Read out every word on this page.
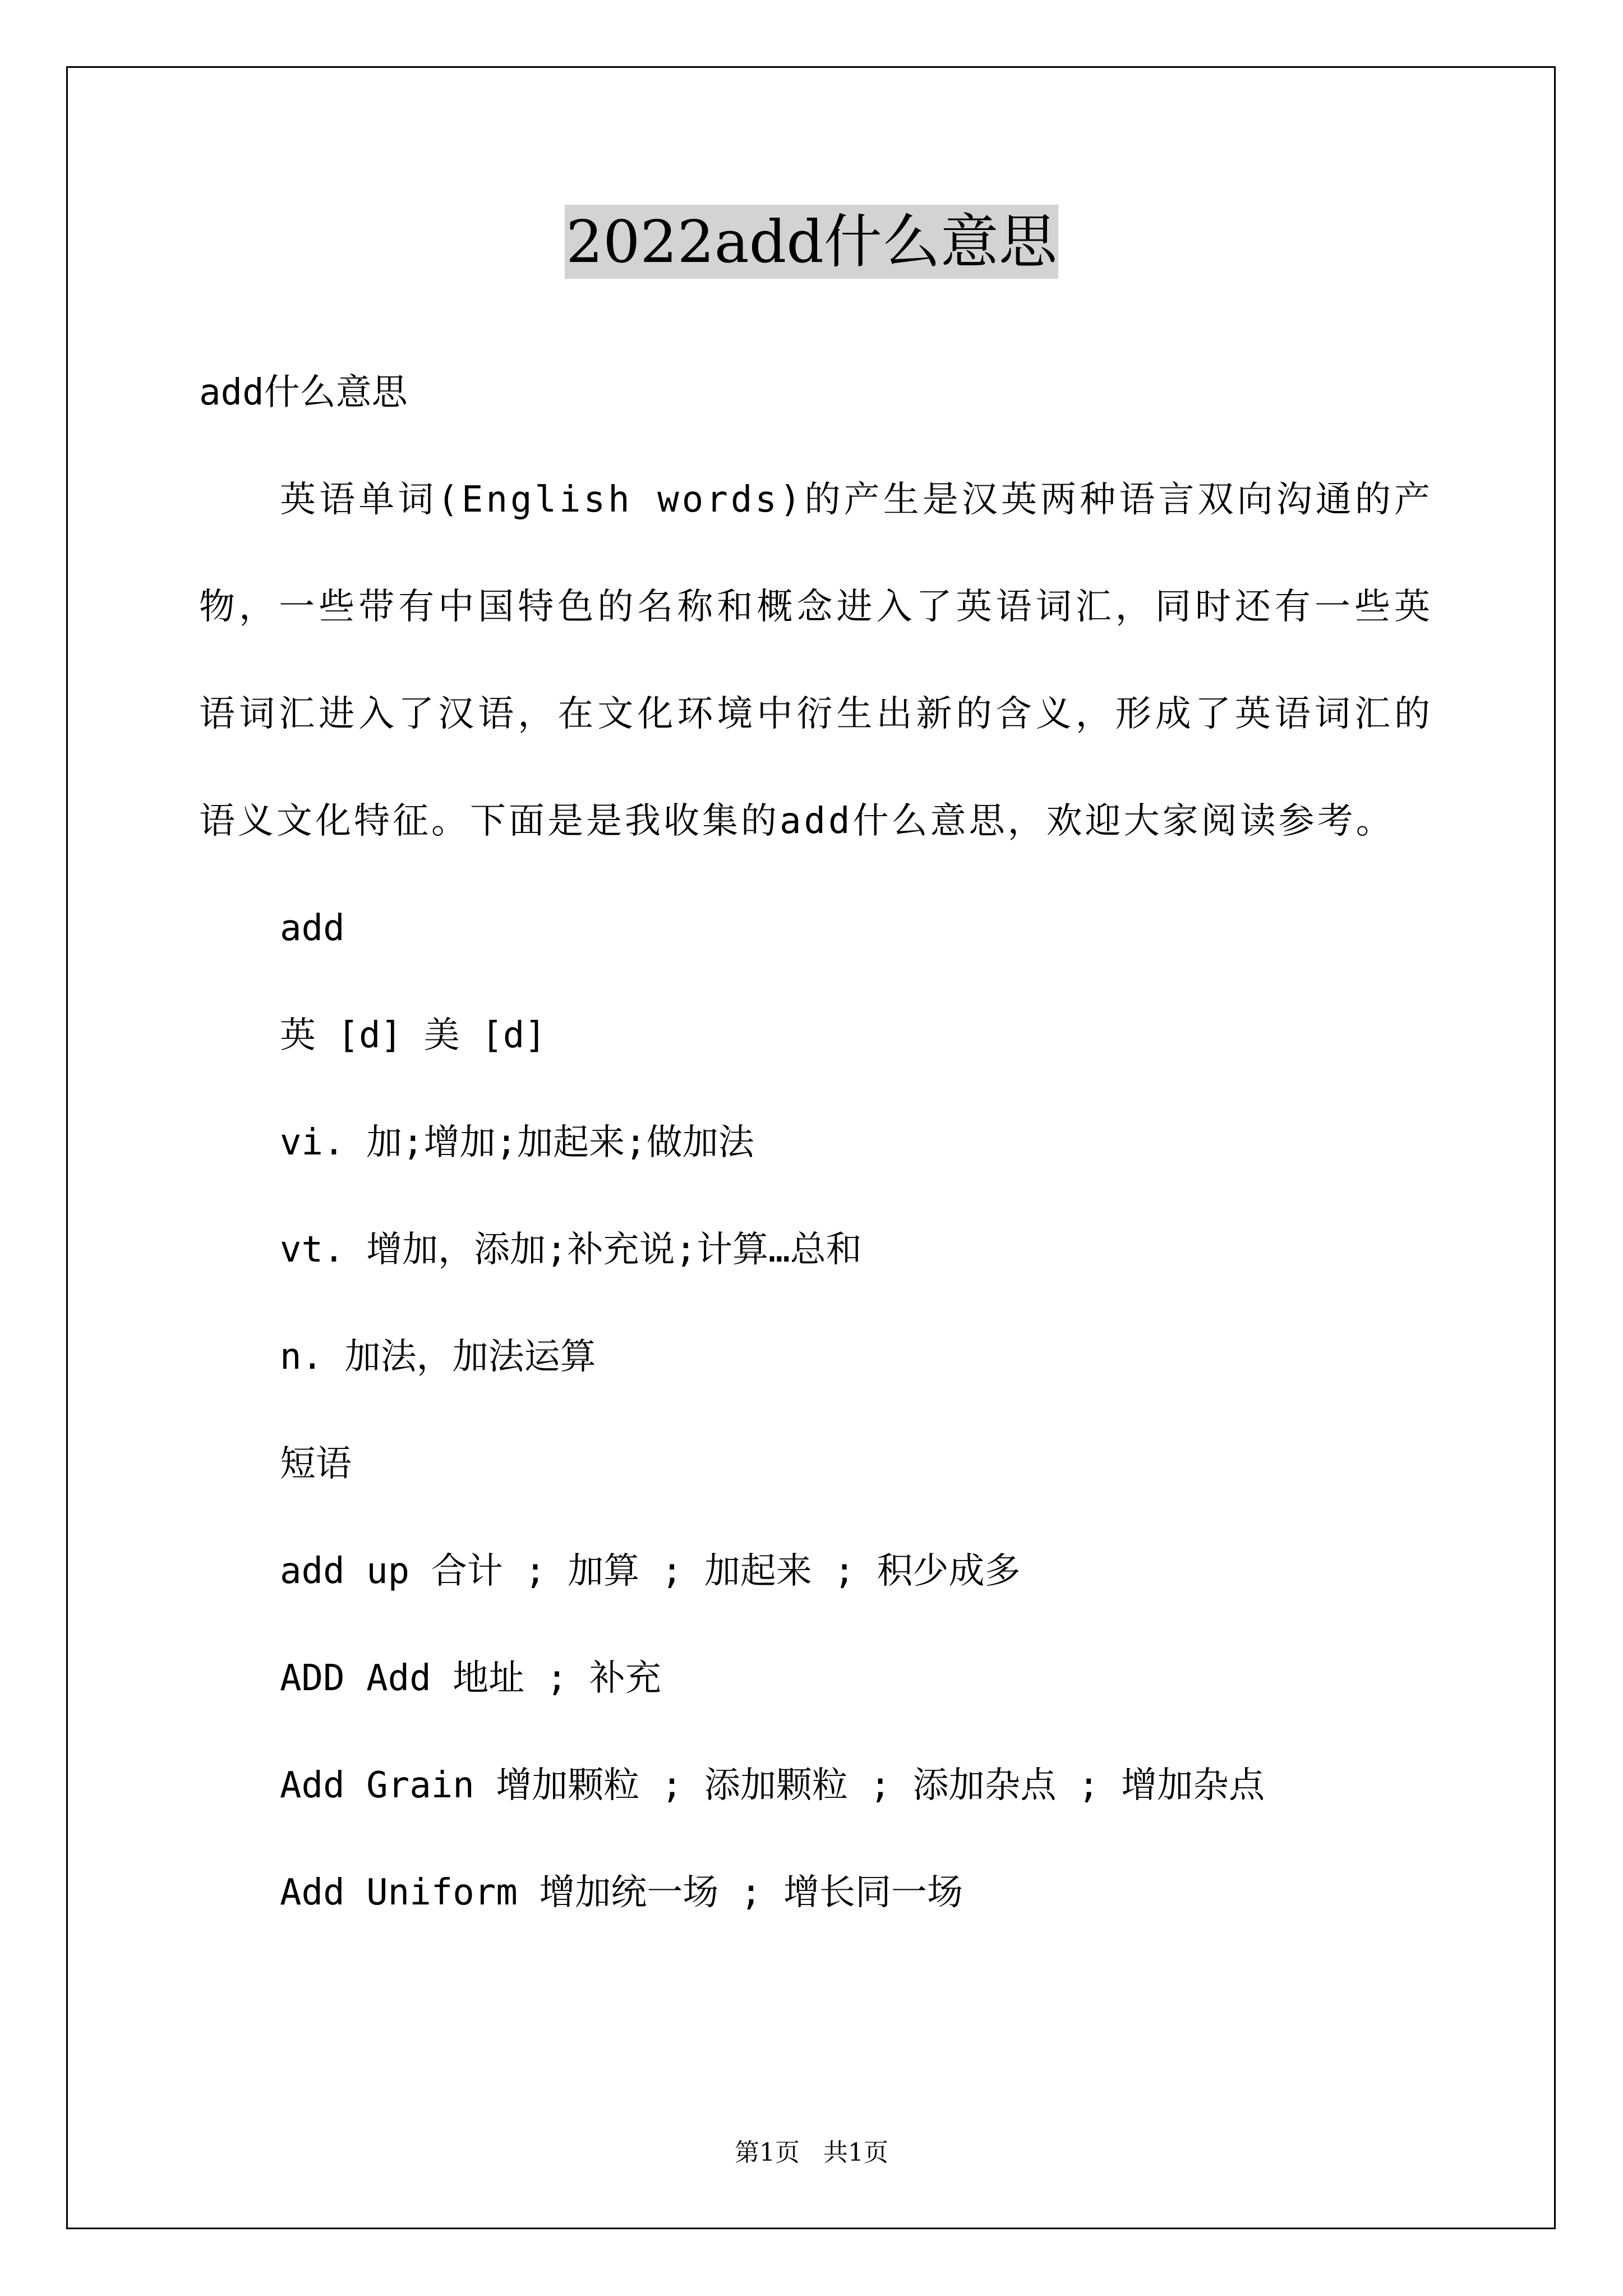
2022add什么意思

add什么意思

英语单词(English words)的产生是汉英两种语言双向沟通的产物，一些带有中国特色的名称和概念进入了英语词汇，同时还有一些英语词汇进入了汉语，在文化环境中衍生出新的含义，形成了英语词汇的语义文化特征。下面是是我收集的add什么意思，欢迎大家阅读参考。

add

英 [d] 美 [d]

vi. 加;增加;加起来;做加法

vt. 增加，添加;补充说;计算…总和

n. 加法，加法运算

短语

add up 合计 ; 加算 ; 加起来 ; 积少成多

ADD Add 地址 ; 补充

Add Grain 增加颗粒 ; 添加颗粒 ; 添加杂点 ; 增加杂点

Add Uniform 增加统一场 ; 增长同一场

第1页   共1页
